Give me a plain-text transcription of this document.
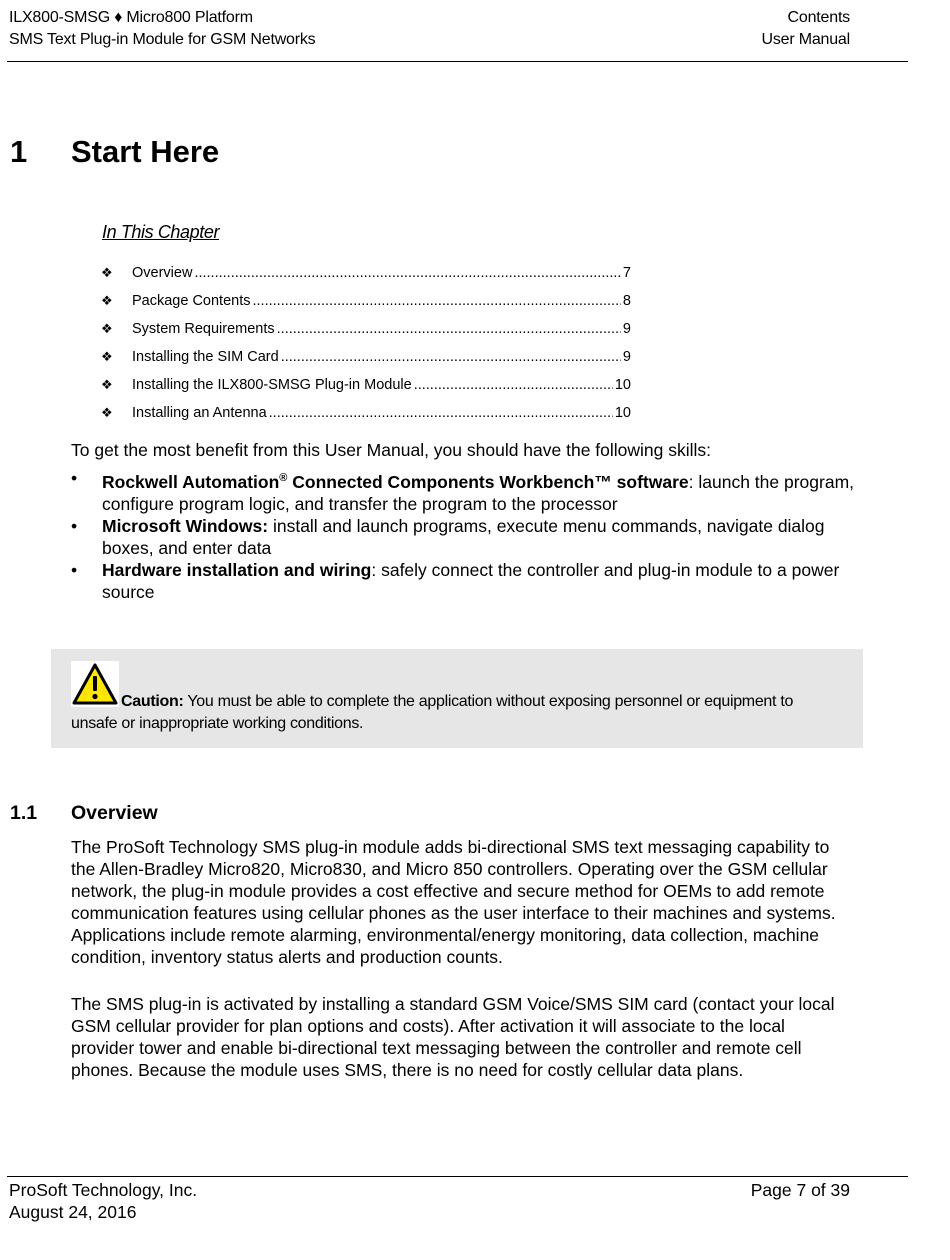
ILX800-SMSG ♦ Micro800 Platform
SMS Text Plug-in Module for GSM Networks
Contents
User Manual
1 Start Here
In This Chapter
❖	Overview .....	7
❖	Package Contents .....	8
❖	System Requirements .....	9
❖	Installing the SIM Card .....	9
❖	Installing the ILX800-SMSG Plug-in Module .....	10
❖	Installing an Antenna .....	10
To get the most benefit from this User Manual, you should have the following skills:
• Rockwell Automation® Connected Components Workbench™ software: launch the program, configure program logic, and transfer the program to the processor
• Microsoft Windows: install and launch programs, execute menu commands, navigate dialog boxes, and enter data
• Hardware installation and wiring: safely connect the controller and plug-in module to a power source
Caution: You must be able to complete the application without exposing personnel or equipment to unsafe or inappropriate working conditions.
1.1 Overview

The ProSoft Technology SMS plug-in module adds bi-directional SMS text messaging capability to the Allen-Bradley Micro820, Micro830, and Micro 850 controllers. Operating over the GSM cellular network, the plug-in module provides a cost effective and secure method for OEMs to add remote communication features using cellular phones as the user interface to their machines and systems. Applications include remote alarming, environmental/energy monitoring, data collection, machine condition, inventory status alerts and production counts.

The SMS plug-in is activated by installing a standard GSM Voice/SMS SIM card (contact your local GSM cellular provider for plan options and costs). After activation it will associate to the local provider tower and enable bi-directional text messaging between the controller and remote cell phones. Because the module uses SMS, there is no need for costly cellular data plans.

ProSoft Technology, Inc.
August 24, 2016
Page 7 of 39
